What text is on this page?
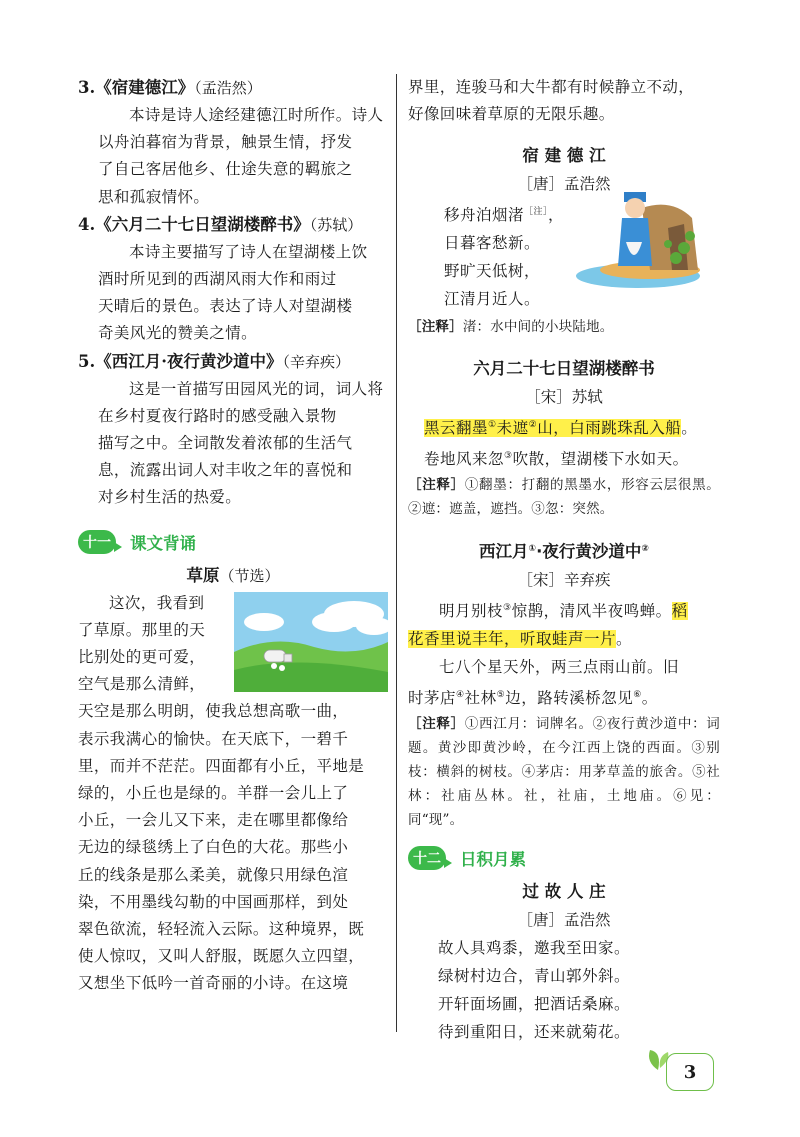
3.《宿建德江》（孟浩然）
本诗是诗人途经建德江时所作。诗人
以舟泊暮宿为背景，触景生情，抒发
了自己客居他乡、仕途失意的羁旅之
思和孤寂情怀。
4.《六月二十七日望湖楼醉书》（苏轼）
本诗主要描写了诗人在望湖楼上饮
酒时所见到的西湖风雨大作和雨过
天晴后的景色。表达了诗人对望湖楼
奇美风光的赞美之情。
5.《西江月·夜行黄沙道中》（辛弃疾）
这是一首描写田园风光的词，词人将
在乡村夏夜行路时的感受融入景物
描写之中。全词散发着浓郁的生活气
息，流露出词人对丰收之年的喜悦和
对乡村生活的热爱。
十一	课文背诵
草原（节选）
这次，我看到
了草原。那里的天
比别处的更可爱，
空气是那么清鲜，
天空是那么明朗，使我总想高歌一曲，
表示我满心的愉快。在天底下，一碧千
里，而并不茫茫。四面都有小丘，平地是
绿的，小丘也是绿的。羊群一会儿上了
小丘，一会儿又下来，走在哪里都像给
无边的绿毯绣上了白色的大花。那些小
丘的线条是那么柔美，就像只用绿色渲
染，不用墨线勾勒的中国画那样，到处
翠色欲流，轻轻流入云际。这种境界，既
使人惊叹，又叫人舒服，既愿久立四望，
又想坐下低吟一首奇丽的小诗。在这境
界里，连骏马和大牛都有时候静立不动，
好像回味着草原的无限乐趣。
宿 建 德 江
［唐］孟浩然
移舟泊烟渚$^{[注]}$，
日暮客愁新。
野旷天低树，
江清月近人。
［注释］渚：水中间的小块陆地。
六月二十七日望湖楼醉书
［宋］苏轼
黑云翻墨①未遮②山，白雨跳珠乱入船。
卷地风来忽③吹散，望湖楼下水如天。
［注释］①翻墨：打翻的黑墨水，形容云层很黑。②遮：遮盖，遮挡。③忽：突然。
西江月①·夜行黄沙道中②
［宋］辛弃疾
明月别枝③惊鹊，清风半夜鸣蝉。稻
花香里说丰年，听取蛙声一片。
七八个星天外，两三点雨山前。旧
时茅店④社林⑤边，路转溪桥忽见⑥。
［注释］①西江月：词牌名。②夜行黄沙道中：词题。黄沙即黄沙岭，在今江西上饶的西面。③别枝：横斜的树枝。④茅店：用茅草盖的旅舍。⑤社林：社庙丛林。社，社庙，土地庙。⑥见：同“现”。
十二	日积月累
过 故 人 庄
［唐］孟浩然
故人具鸡黍，邀我至田家。
绿树村边合，青山郭外斜。
开轩面场圃，把酒话桑麻。
待到重阳日，还来就菊花。
3
